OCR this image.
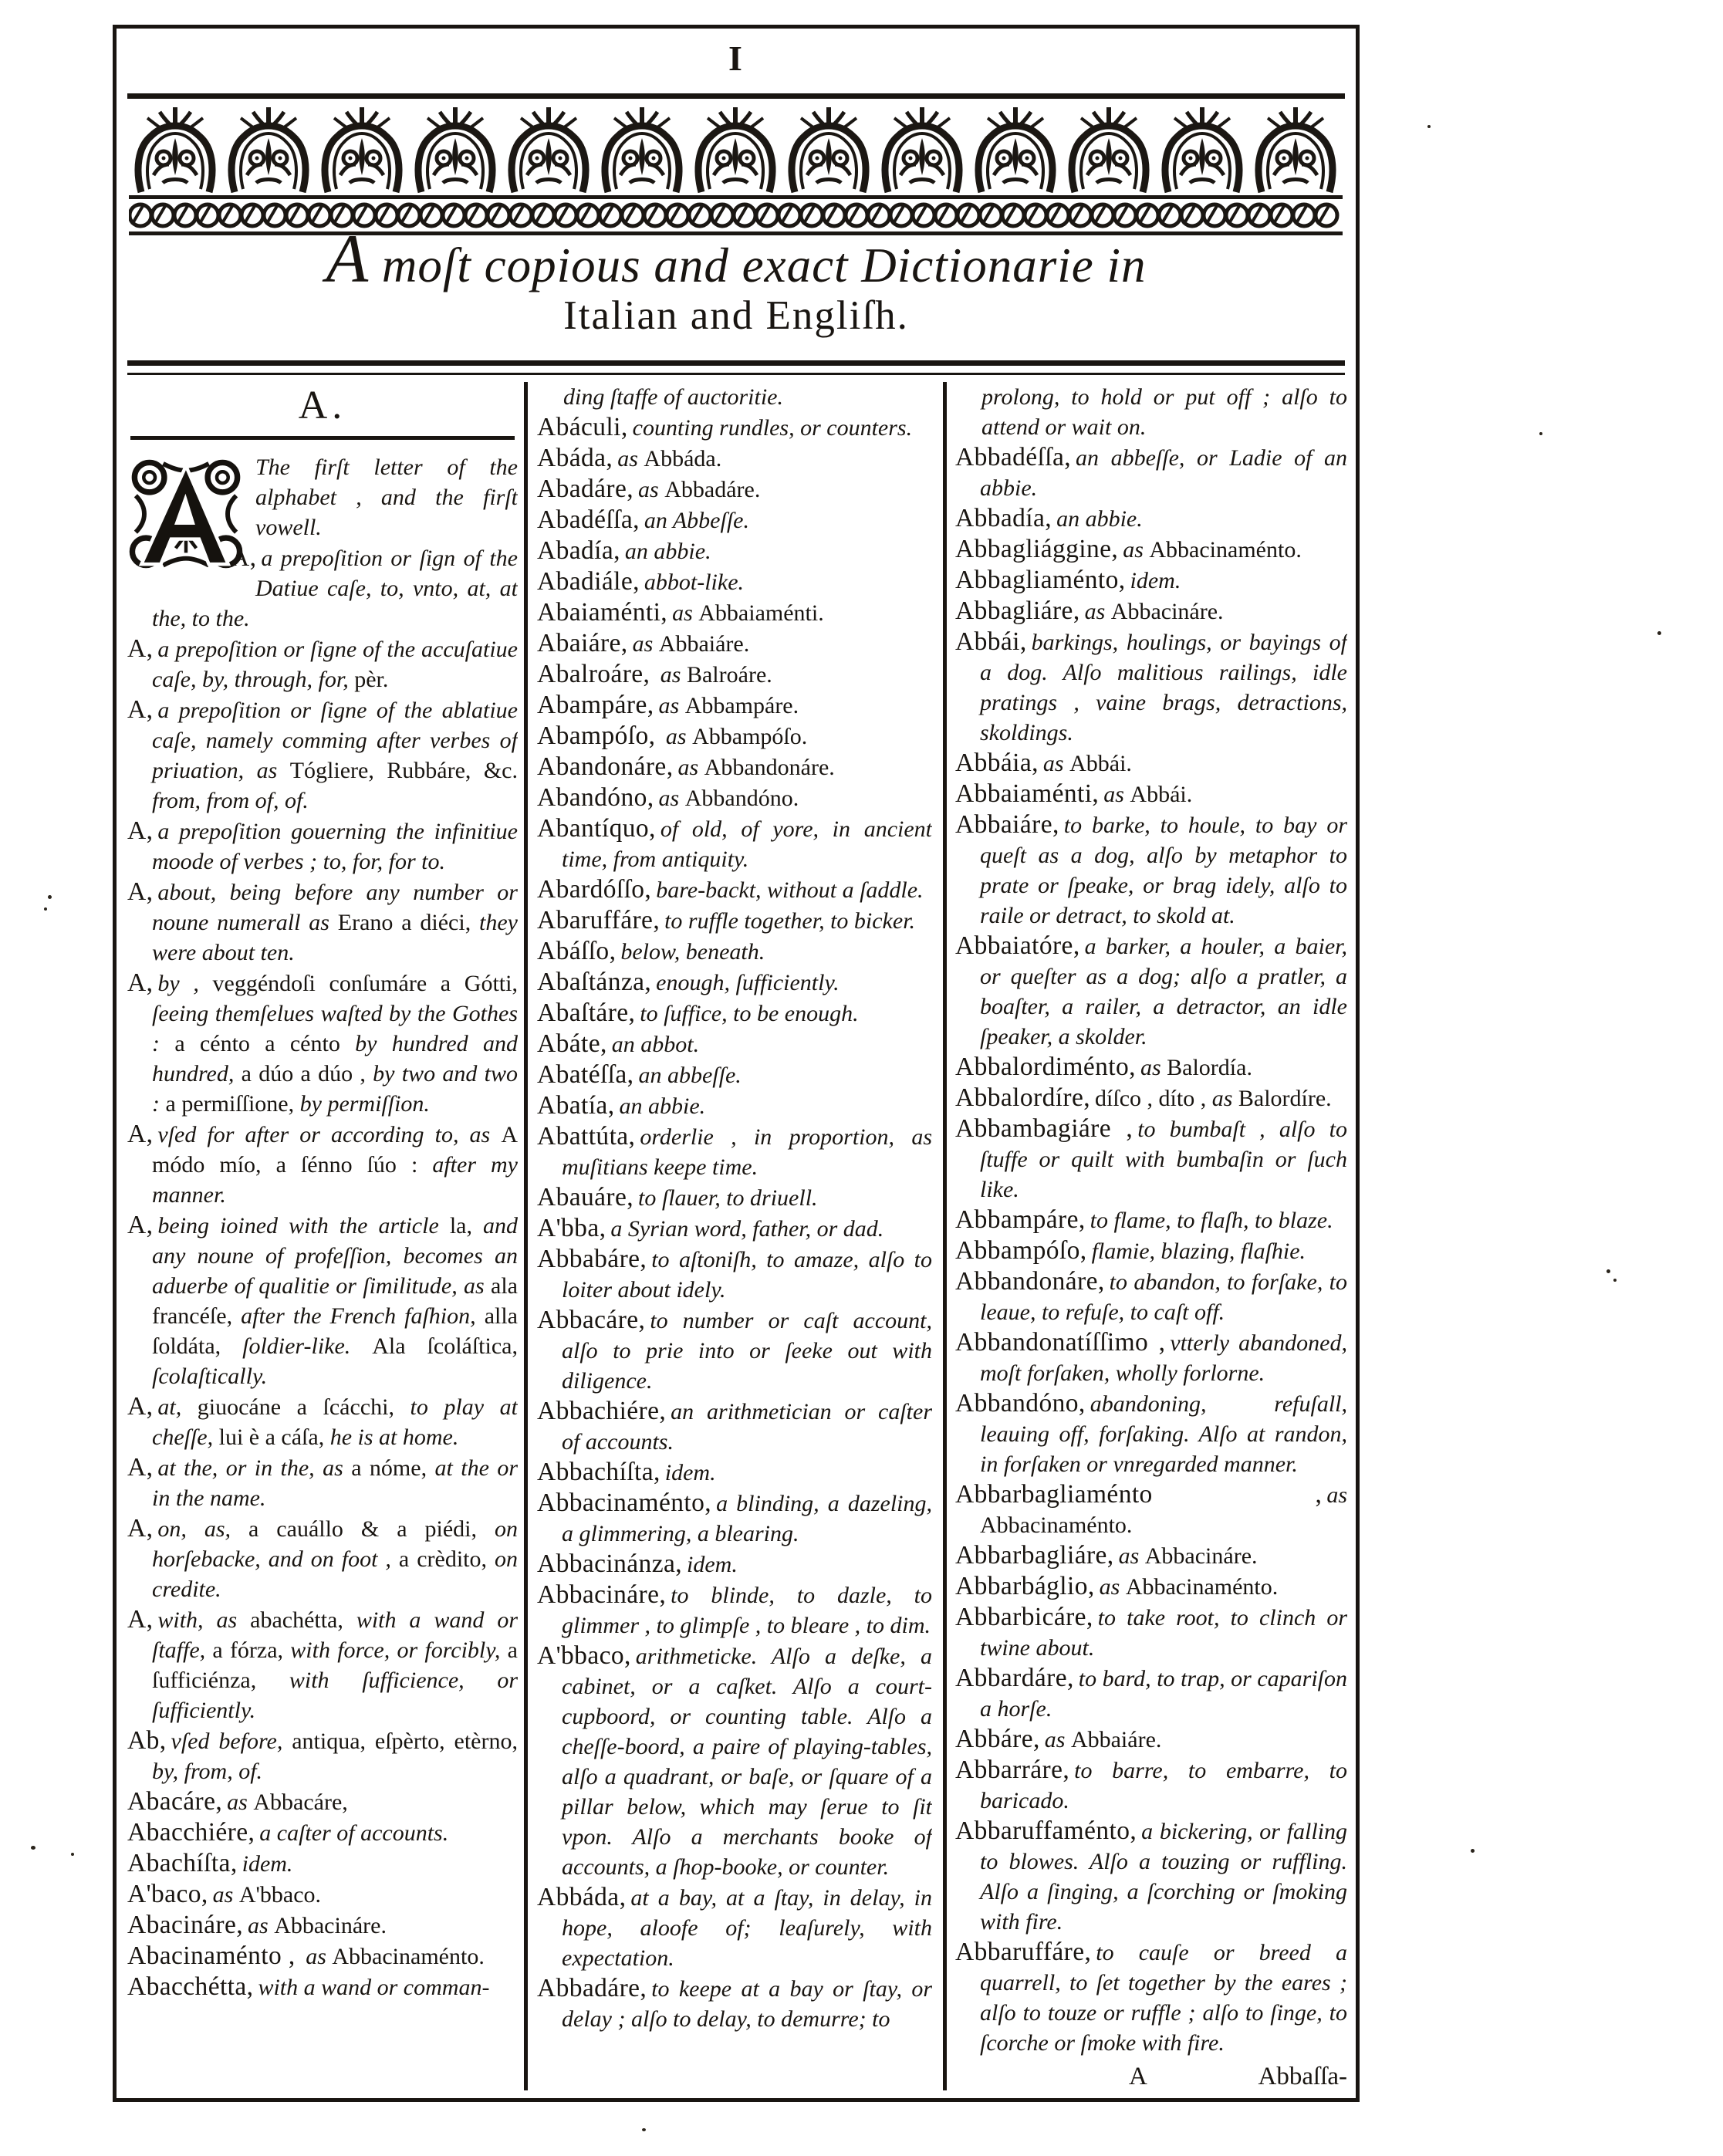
I
A moſt copious and exact Dictionarie in
Italian and Engliſh.
A.
The firſt letter of the alphabet , and the firſt vowell.
A, a prepoſition or ſign of the Datiue caſe, to, vnto, at, at the, to the.
A, a prepoſition or ſigne of the accuſatiue caſe, by, through, for, pèr.
A, a prepoſition or ſigne of the ablatiue caſe, namely comming after verbes of priuation, as Tógliere, Rubbáre, &c. from, from of, of.
A, a prepoſition gouerning the infinitiue moode of verbes ; to, for, for to.
A, about, being before any number or noune numerall as Erano a diéci, they were about ten.
A, by , veggéndoſi conſumáre a Gótti, ſeeing themſelues waſted by the Gothes : a cénto a cénto by hundred and hundred, a dúo a dúo , by two and two : a permiſſione, by permiſſion.
A, vſed for after or according to, as A módo mío, a ſénno ſúo : after my manner.
A, being ioined with the article la, and any noune of profeſſion, becomes an aduerbe of qualitie or ſimilitude, as ala francéſe, after the French faſhion, alla ſoldáta, ſoldier-like. Ala ſcoláſtica, ſcolaſtically.
A, at, giuocáne a ſcácchi, to play at cheſſe, lui è a cáſa, he is at home.
A, at the, or in the, as a nóme, at the or in the name.
A, on, as, a cauállo & a piédi, on horſebacke, and on foot , a crèdito, on credite.
A, with, as abachétta, with a wand or ſtaffe, a fórza, with force, or forcibly, a ſufficiénza, with ſufficience, or ſufficiently.
Ab, vſed before, antiqua, eſpèrto, etèrno, by, from, of.
Abacáre, as Abbacáre,
Abacchiére, a caſter of accounts.
Abachíſta, idem.
A'baco, as A'bbaco.
Abacináre, as Abbacináre.
Abacinaménto , as Abbacinaménto.
Abacchétta, with a wand or comman-
ding ſtaffe of auctoritie.
Abáculi, counting rundles, or counters.
Abáda, as Abbáda.
Abadáre, as Abbadáre.
Abadéſſa, an Abbeſſe.
Abadía, an abbie.
Abadiále, abbot-like.
Abaiaménti, as Abbaiaménti.
Abaiáre, as Abbaiáre.
Abalroáre, as Balroáre.
Abampáre, as Abbampáre.
Abampóſo, as Abbampóſo.
Abandonáre, as Abbandonáre.
Abandóno, as Abbandóno.
Abantíquo, of old, of yore, in ancient time, from antiquity.
Abardóſſo, bare-backt, without a ſaddle.
Abaruffáre, to ruffle together, to bicker.
Abáſſo, below, beneath.
Abaſtánza, enough, ſufficiently.
Abaſtáre, to ſuffice, to be enough.
Abáte, an abbot.
Abatéſſa, an abbeſſe.
Abatía, an abbie.
Abattúta, orderlie , in proportion, as muſitians keepe time.
Abauáre, to ſlauer, to driuell.
A'bba, a Syrian word, father, or dad.
Abbabáre, to aſtoniſh, to amaze, alſo to loiter about idely.
Abbacáre, to number or caſt account, alſo to prie into or ſeeke out with diligence.
Abbachiére, an arithmetician or caſter of accounts.
Abbachíſta, idem.
Abbacinaménto, a blinding, a dazeling, a glimmering, a blearing.
Abbacinánza, idem.
Abbacináre, to blinde, to dazle, to glimmer , to glimpſe , to bleare , to dim.
A'bbaco, arithmeticke. Alſo a deſke, a cabinet, or a caſket. Alſo a court-cupboord, or counting table. Alſo a cheſſe-boord, a paire of playing-tables, alſo a quadrant, or baſe, or ſquare of a pillar below, which may ſerue to ſit vpon. Alſo a merchants booke of accounts, a ſhop-booke, or counter.
Abbáda, at a bay, at a ſtay, in delay, in hope, aloofe of; leaſurely, with expectation.
Abbadáre, to keepe at a bay or ſtay, or delay ; alſo to delay, to demurre; to
prolong, to hold or put off ; alſo to attend or wait on.
Abbadéſſa, an abbeſſe, or Ladie of an abbie.
Abbadía, an abbie.
Abbagliággine, as Abbacinaménto.
Abbagliaménto, idem.
Abbagliáre, as Abbacináre.
Abbái, barkings, houlings, or bayings of a dog. Alſo malitious railings, idle pratings , vaine brags, detractions, skoldings.
Abbáia, as Abbái.
Abbaiaménti, as Abbái.
Abbaiáre, to barke, to houle, to bay or queſt as a dog, alſo by metaphor to prate or ſpeake, or brag idely, alſo to raile or detract, to skold at.
Abbaiatóre, a barker, a houler, a baier, or queſter as a dog; alſo a pratler, a boaſter, a railer, a detractor, an idle ſpeaker, a skolder.
Abbalordiménto, as Balordía.
Abbalordíre, díſco , díto , as Balordíre.
Abbambagiáre , to bumbaſt , alſo to ſtuffe or quilt with bumbaſin or ſuch like.
Abbampáre, to flame, to flaſh, to blaze.
Abbampóſo, flamie, blazing, flaſhie.
Abbandonáre, to abandon, to forſake, to leaue, to refuſe, to caſt off.
Abbandonatíſſimo , vtterly abandoned, moſt forſaken, wholly forlorne.
Abbandóno, abandoning, refuſall, leauing off, forſaking. Alſo at randon, in forſaken or vnregarded manner.
Abbarbagliaménto , as Abbacinaménto.
Abbarbagliáre, as Abbacináre.
Abbarbáglio, as Abbacinaménto.
Abbarbicáre, to take root, to clinch or twine about.
Abbardáre, to bard, to trap, or capariſon a horſe.
Abbáre, as Abbaiáre.
Abbarráre, to barre, to embarre, to baricado.
Abbaruffaménto, a bickering, or falling to blowes. Alſo a touzing or ruffling. Alſo a ſinging, a ſcorching or ſmoking with fire.
Abbaruffáre, to cauſe or breed a quarrell, to ſet together by the eares ; alſo to touze or ruffle ; alſo to ſinge, to ſcorche or ſmoke with fire.
A	Abbaſſa-
